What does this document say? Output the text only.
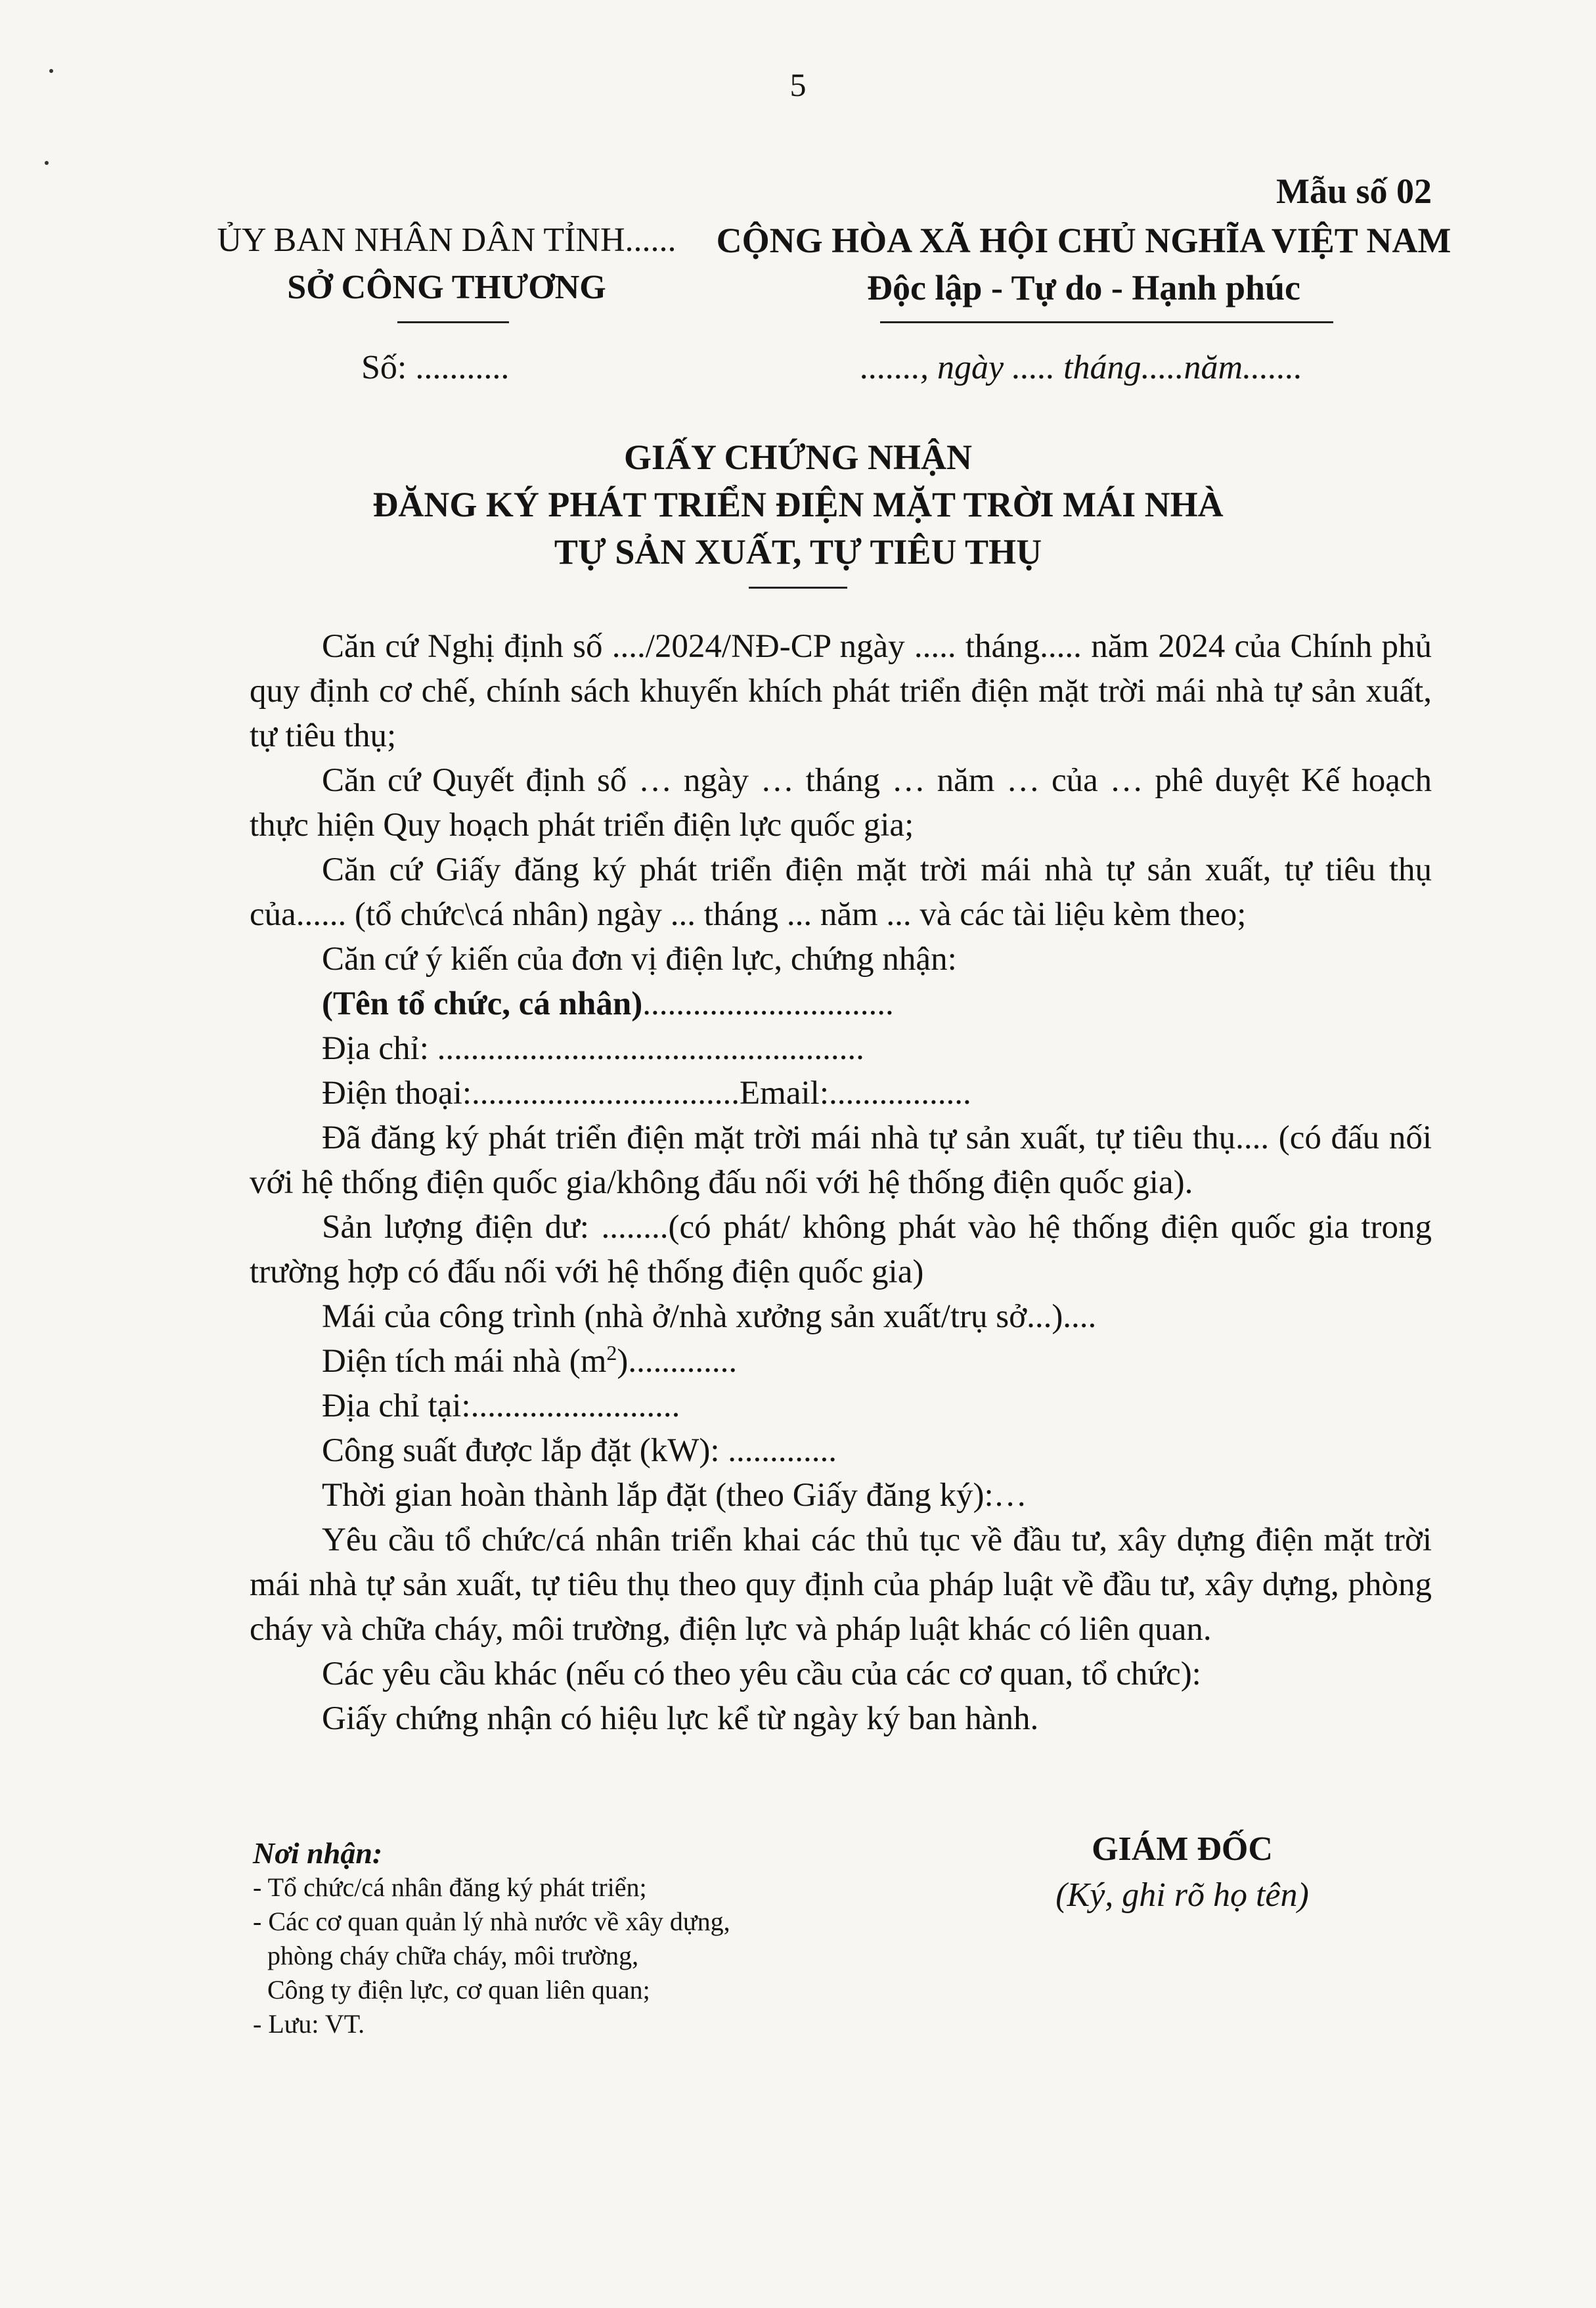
5
Mẫu số 02
ỦY BAN NHÂN DÂN TỈNH......
SỞ CÔNG THƯƠNG
CỘNG HÒA XÃ HỘI CHỦ NGHĨA VIỆT NAM
Độc lập - Tự do - Hạnh phúc
Số: ...........	......., ngày ..... tháng.....năm.......
GIẤY CHỨNG NHẬN
ĐĂNG KÝ PHÁT TRIỂN ĐIỆN MẶT TRỜI MÁI NHÀ
TỰ SẢN XUẤT, TỰ TIÊU THỤ

Căn cứ Nghị định số ..../2024/NĐ-CP ngày ..... tháng..... năm 2024 của Chính phủ quy định cơ chế, chính sách khuyến khích phát triển điện mặt trời mái nhà tự sản xuất, tự tiêu thụ;

Căn cứ Quyết định số … ngày … tháng … năm … của … phê duyệt Kế hoạch thực hiện Quy hoạch phát triển điện lực quốc gia;

Căn cứ Giấy đăng ký phát triển điện mặt trời mái nhà tự sản xuất, tự tiêu thụ của...... (tổ chức\cá nhân) ngày ... tháng ... năm ... và các tài liệu kèm theo;

Căn cứ ý kiến của đơn vị điện lực, chứng nhận:

(Tên tổ chức, cá nhân)..............................

Địa chỉ: ...................................................

Điện thoại:................................Email:.................

Đã đăng ký phát triển điện mặt trời mái nhà tự sản xuất, tự tiêu thụ.... (có đấu nối với hệ thống điện quốc gia/không đấu nối với hệ thống điện quốc gia).

Sản lượng điện dư: ........(có phát/ không phát vào hệ thống điện quốc gia trong trường hợp có đấu nối với hệ thống điện quốc gia)

Mái của công trình (nhà ở/nhà xưởng sản xuất/trụ sở...)....

Diện tích mái nhà $(m^2)$.............

Địa chỉ tại:.........................

Công suất được lắp đặt (kW): .............

Thời gian hoàn thành lắp đặt (theo Giấy đăng ký):…

Yêu cầu tổ chức/cá nhân triển khai các thủ tục về đầu tư, xây dựng điện mặt trời mái nhà tự sản xuất, tự tiêu thụ theo quy định của pháp luật về đầu tư, xây dựng, phòng cháy và chữa cháy, môi trường, điện lực và pháp luật khác có liên quan.

Các yêu cầu khác (nếu có theo yêu cầu của các cơ quan, tổ chức):

Giấy chứng nhận có hiệu lực kể từ ngày ký ban hành.

Nơi nhận:
- Tổ chức/cá nhân đăng ký phát triển;
- Các cơ quan quản lý nhà nước về xây dựng,
phòng cháy chữa cháy, môi trường,
Công ty điện lực, cơ quan liên quan;
- Lưu: VT.
GIÁM ĐỐC
(Ký, ghi rõ họ tên)
